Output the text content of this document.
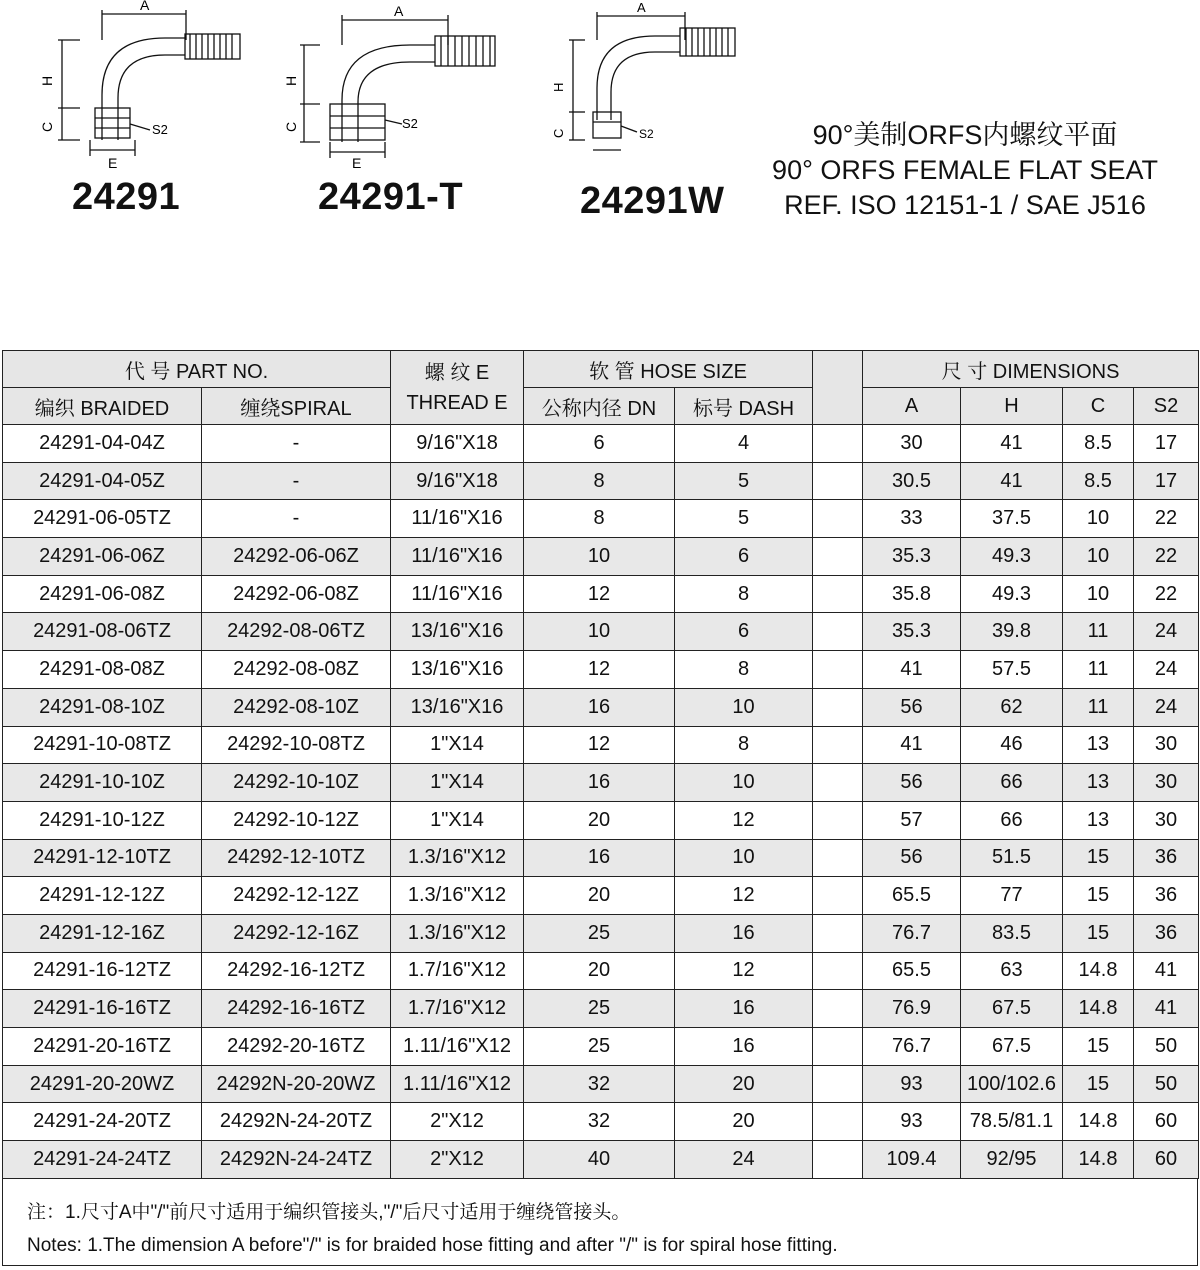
A
H
C
E
S2
24291
A
H
C
E
S2
24291-T
A
H
C	S2
24291W
90°美制ORFS内螺纹平面
90° ORFS FEMALE FLAT SEAT
REF. ISO 12151-1 / SAE J516
代 号 PART NO.		螺 纹 E
THREAD E	软 管 HOSE SIZE			尺 寸 DIMENSIONS			
编织 BRAIDED	缠绕SPIRAL		公称内径 DN	标号 DASH		A	H	C	S2
24291-04-04Z	-	9/16"X18	6	4		30	41	8.5	17
24291-04-05Z	-	9/16"X18	8	5		30.5	41	8.5	17
24291-06-05TZ	-	11/16"X16	8	5		33	37.5	10	22
24291-06-06Z	24292-06-06Z	11/16"X16	10	6		35.3	49.3	10	22
24291-06-08Z	24292-06-08Z	11/16"X16	12	8		35.8	49.3	10	22
24291-08-06TZ	24292-08-06TZ	13/16"X16	10	6		35.3	39.8	11	24
24291-08-08Z	24292-08-08Z	13/16"X16	12	8		41	57.5	11	24
24291-08-10Z	24292-08-10Z	13/16"X16	16	10		56	62	11	24
24291-10-08TZ	24292-10-08TZ	1"X14	12	8		41	46	13	30
24291-10-10Z	24292-10-10Z	1"X14	16	10		56	66	13	30
24291-10-12Z	24292-10-12Z	1"X14	20	12		57	66	13	30
24291-12-10TZ	24292-12-10TZ	1.3/16"X12	16	10		56	51.5	15	36
24291-12-12Z	24292-12-12Z	1.3/16"X12	20	12		65.5	77	15	36
24291-12-16Z	24292-12-16Z	1.3/16"X12	25	16		76.7	83.5	15	36
24291-16-12TZ	24292-16-12TZ	1.7/16"X12	20	12		65.5	63	14.8	41
24291-16-16TZ	24292-16-16TZ	1.7/16"X12	25	16		76.9	67.5	14.8	41
24291-20-16TZ	24292-20-16TZ	1.11/16"X12	25	16		76.7	67.5	15	50
24291-20-20WZ	24292N-20-20WZ	1.11/16"X12	32	20		93	100/102.6	15	50
24291-24-20TZ	24292N-24-20TZ	2"X12	32	20		93	78.5/81.1	14.8	60
24291-24-24TZ	24292N-24-24TZ	2"X12	40	24		109.4	92/95	14.8	60
注：1.尺寸A中"/"前尺寸适用于编织管接头,"/"后尺寸适用于缠绕管接头。
Notes: 1.The dimension A before"/" is for braided hose fitting and after "/" is for spiral hose fitting.
